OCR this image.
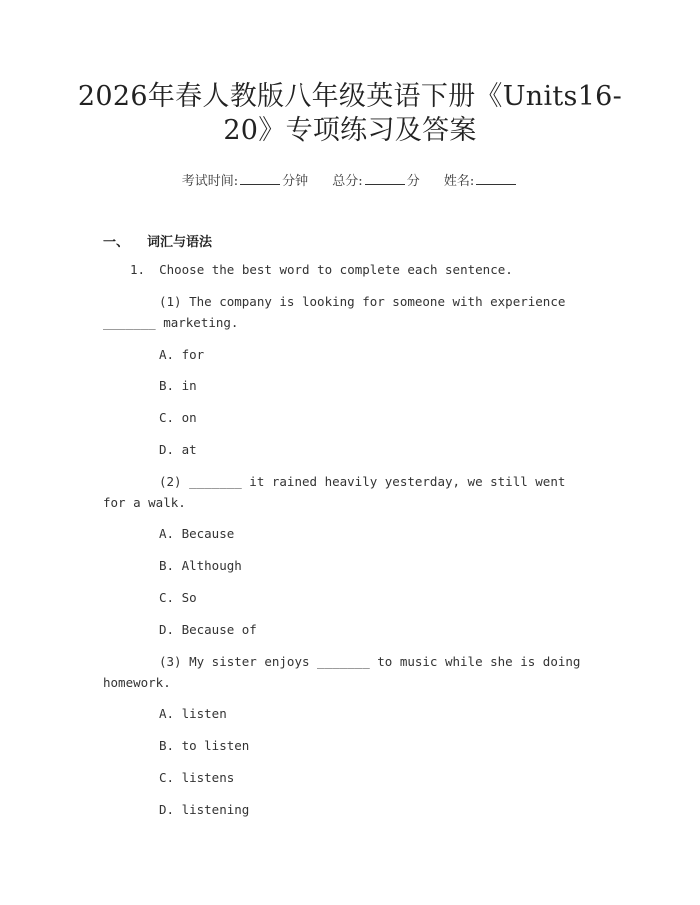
2026年春人教版八年级英语下册《Units16-
20》专项练习及答案
考试时间:	分钟 总分:	分 姓名:
一、 词汇与语法
1. Choose the best word to complete each sentence.
(1) The company is looking for someone with experience _______ marketing.
A. for
B. in
C. on
D. at
(2) _______ it rained heavily yesterday, we still went for a walk.
A. Because
B. Although
C. So
D. Because of
(3) My sister enjoys _______ to music while she is doing homework.
A. listen
B. to listen
C. listens
D. listening
